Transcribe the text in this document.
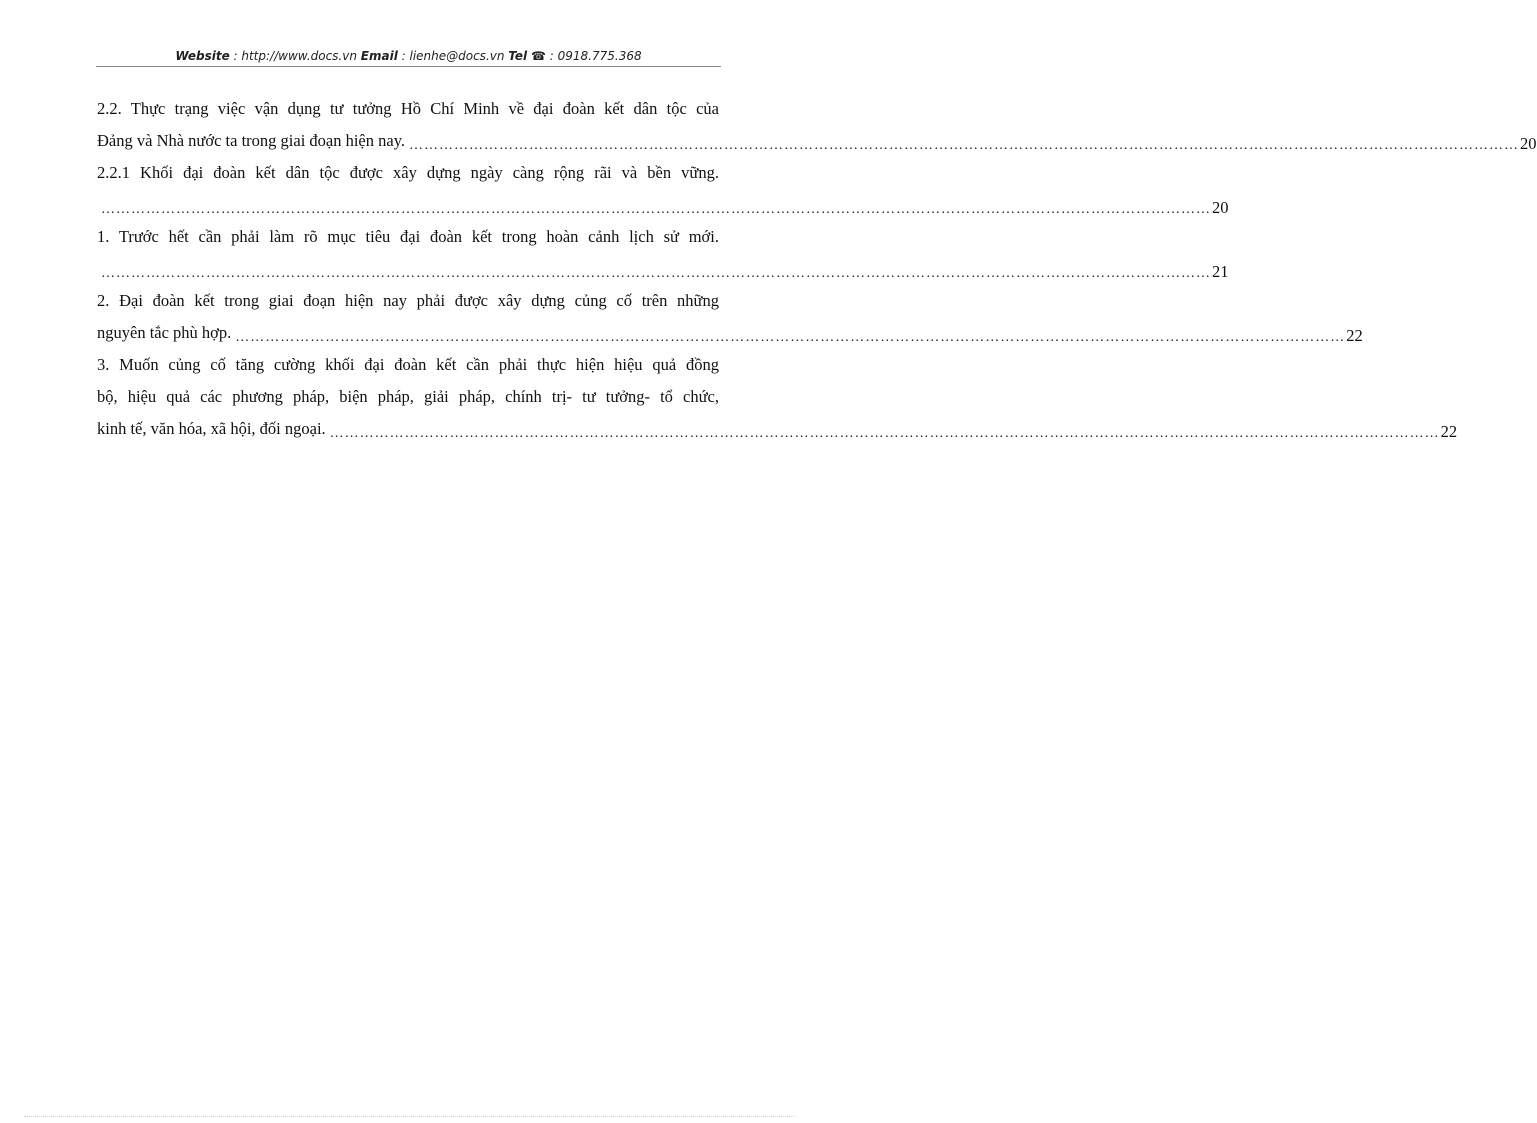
Website : http://www.docs.vn Email : lienhe@docs.vn Tel ☎ : 0918.775.368
2.2. Thực trạng việc vận dụng tư tưởng Hồ Chí Minh về đại đoàn kết dân tộc của
Đảng và Nhà nước ta trong giai đoạn hiện nay. …………………………………………………………………………………………………………………………………………………………………………………………………… 20
2.2.1 Khối đại đoàn kết dân tộc được xây dựng ngày càng rộng rãi và bền vững.
…………………………………………………………………………………………………………………………………………………………………………………………………… 20
1. Trước hết cần phải làm rõ mục tiêu đại đoàn kết trong hoàn cảnh lịch sử mới.
…………………………………………………………………………………………………………………………………………………………………………………………………… 21
2. Đại đoàn kết trong giai đoạn hiện nay phải được xây dựng củng cố trên những
nguyên tắc phù hợp. …………………………………………………………………………………………………………………………………………………………………………………………………… 22
3. Muốn củng cố tăng cường khối đại đoàn kết cần phải thực hiện hiệu quả đồng
bộ, hiệu quả các phương pháp, biện pháp, giải pháp, chính trị- tư tưởng- tổ chức,
kinh tế, văn hóa, xã hội, đối ngoại. …………………………………………………………………………………………………………………………………………………………………………………………………… 22
